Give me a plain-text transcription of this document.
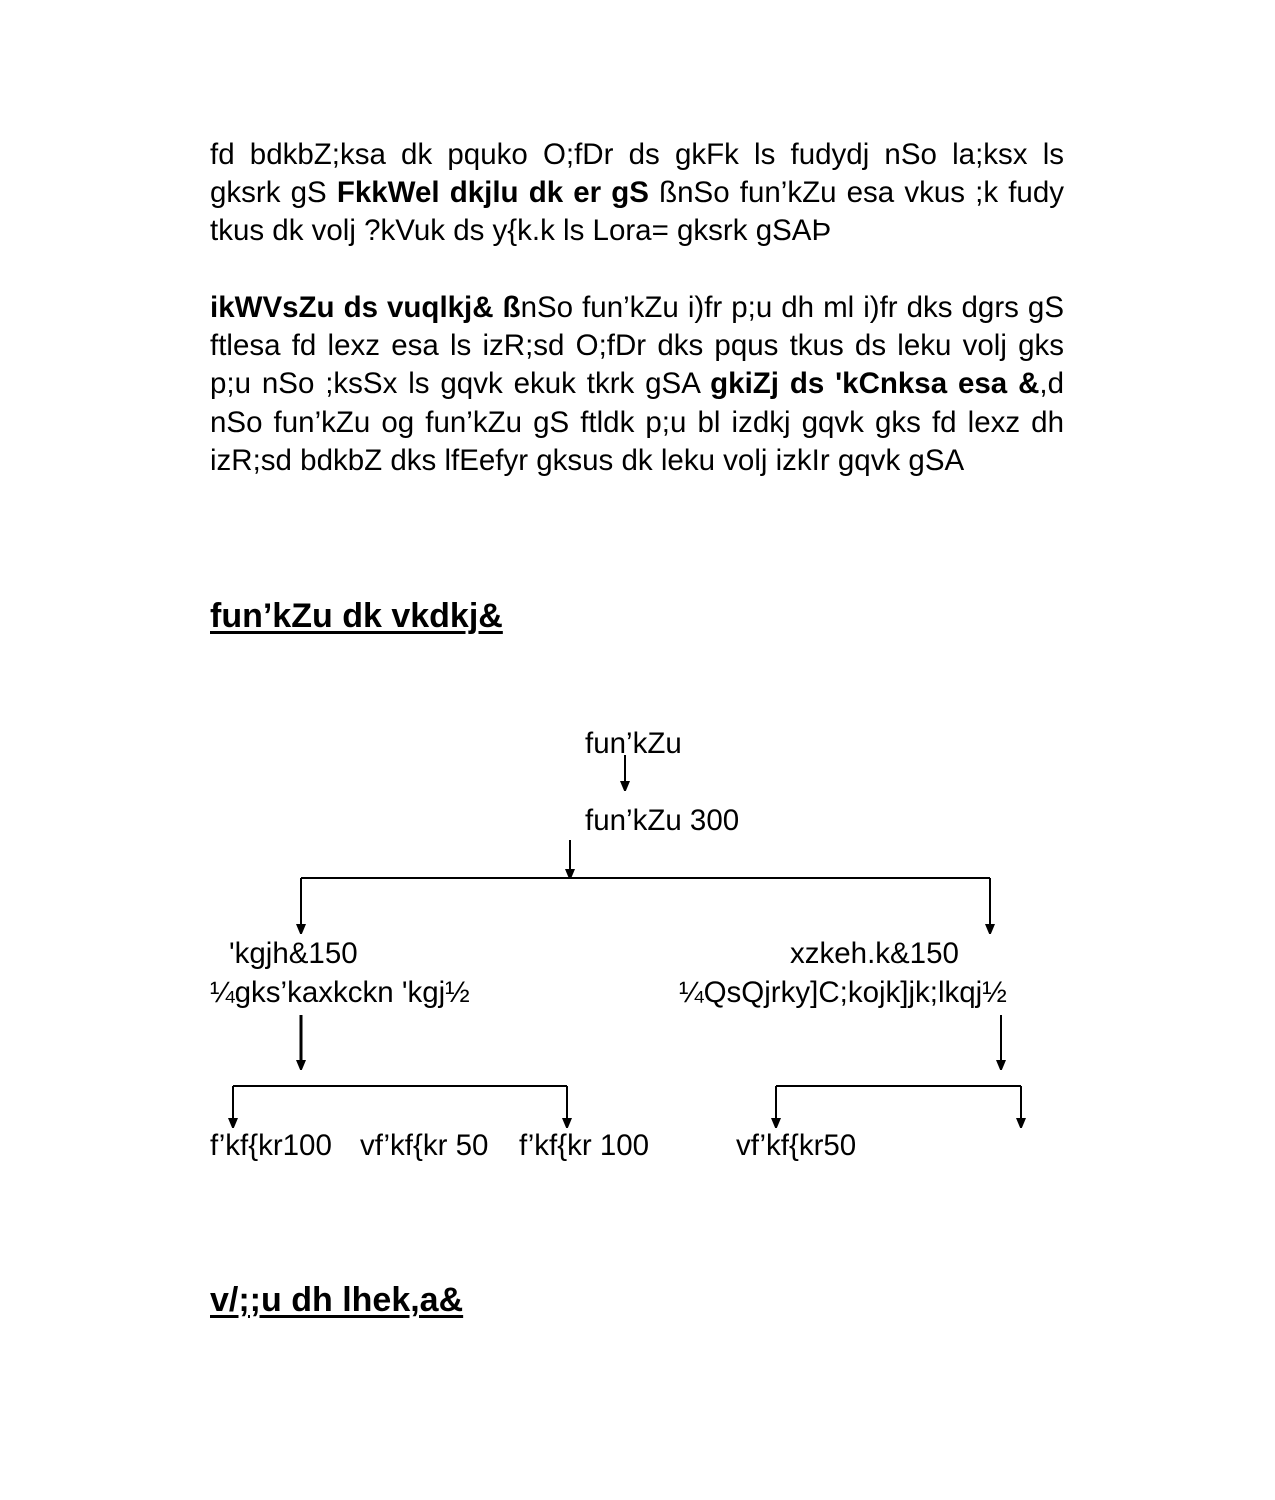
fd bdkbZ;ksa dk pquko O;fDr ds gkFk ls fudydj nSo la;ksx ls gksrk gS FkkWel dkjlu dk er gS ßnSo fun’kZu esa vkus ;k fudy tkus dk volj ?kVuk ds y{k.k ls Lora= gksrk gSAÞ

ikWVsZu ds vuqlkj& ßnSo fun’kZu i)fr p;u dh ml i)fr dks dgrs gS ftlesa fd lexz esa ls izR;sd O;fDr dks pqus tkus ds leku volj gks p;u nSo ;ksSx ls gqvk ekuk tkrk gSA gkiZj ds 'kCnksa esa &,d nSo fun’kZu og fun’kZu gS ftldk p;u bl izdkj gqvk gks fd lexz dh izR;sd bdkbZ dks lfEefyr gksus dk leku volj izkIr gqvk gSA

fun’kZu dk vkdkj&
fun’kZu
fun’kZu 300
'kgjh&150
¼gks’kaxkckn 'kgj½
xzkeh.k&150
¼QsQjrky]C;kojk]jk;lkqj½
f’kf{kr100 vf’kf{kr 50 f’kf{kr 100	vf’kf{kr50
v/;;u dh lhek,a&
